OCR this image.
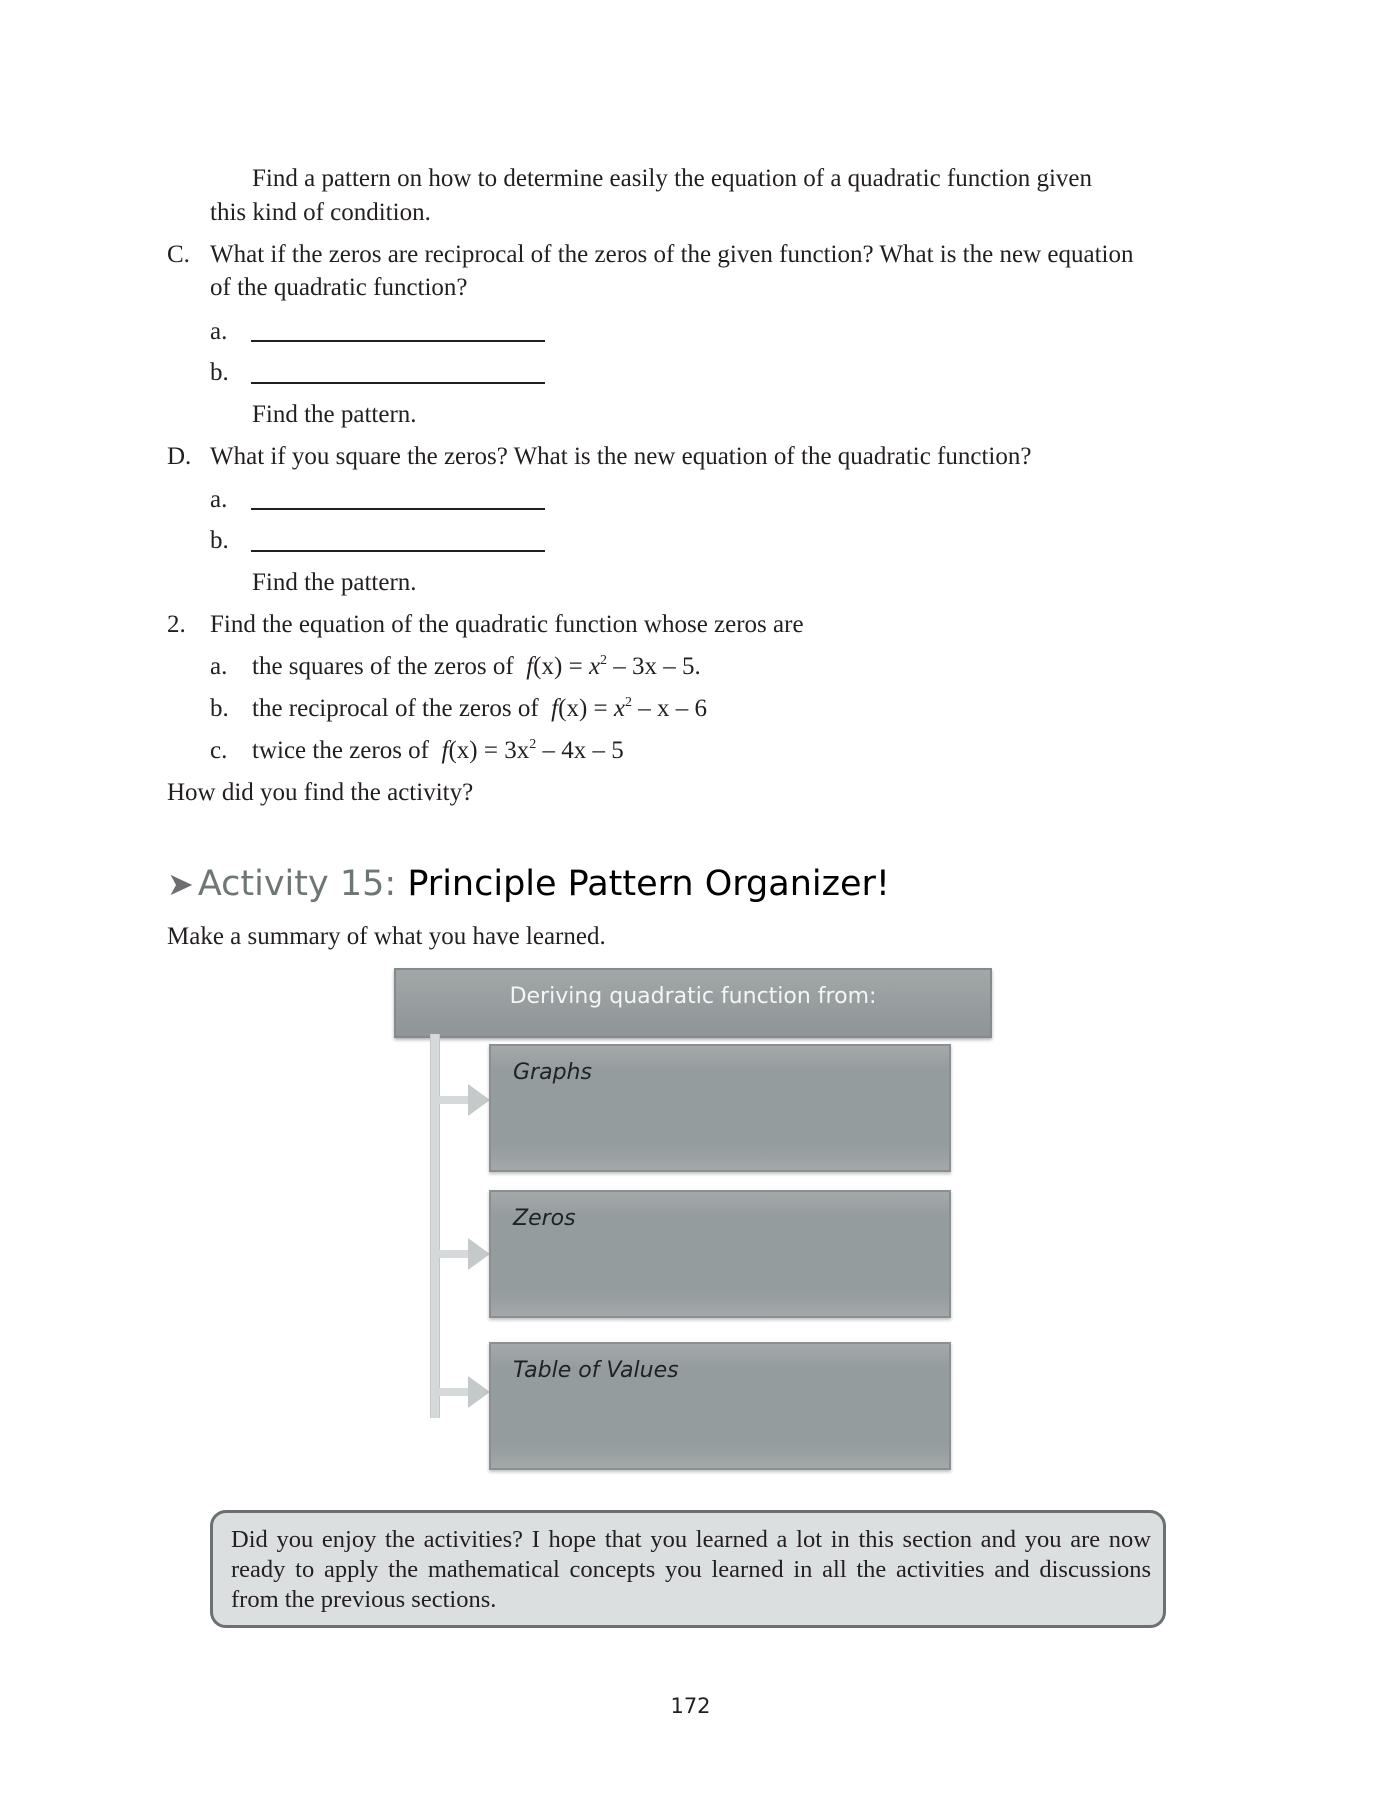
Find a pattern on how to determine easily the equation of a quadratic function given
this kind of condition.
C. What if the zeros are reciprocal of the zeros of the given function? What is the new equation
of the quadratic function?
a.
b.
Find the pattern.
D. What if you square the zeros? What is the new equation of the quadratic function?
a.
b.
Find the pattern.
2. Find the equation of the quadratic function whose zeros are
a. the squares of the zeros of $f(x) = x^2 - 3x - 5$.
b. the reciprocal of the zeros of $f(x) = x^2 - x - 6$
c. twice the zeros of $f(x) = 3x^2 - 4x - 5$
How did you find the activity?
➤ Activity 15: Principle Pattern Organizer!
Make a summary of what you have learned.
Deriving quadratic function from:
Graphs
Zeros
Table of Values

Did you enjoy the activities? I hope that you learned a lot in this section and you are now ready to apply the mathematical concepts you learned in all the activities and discussions from the previous sections.

172
